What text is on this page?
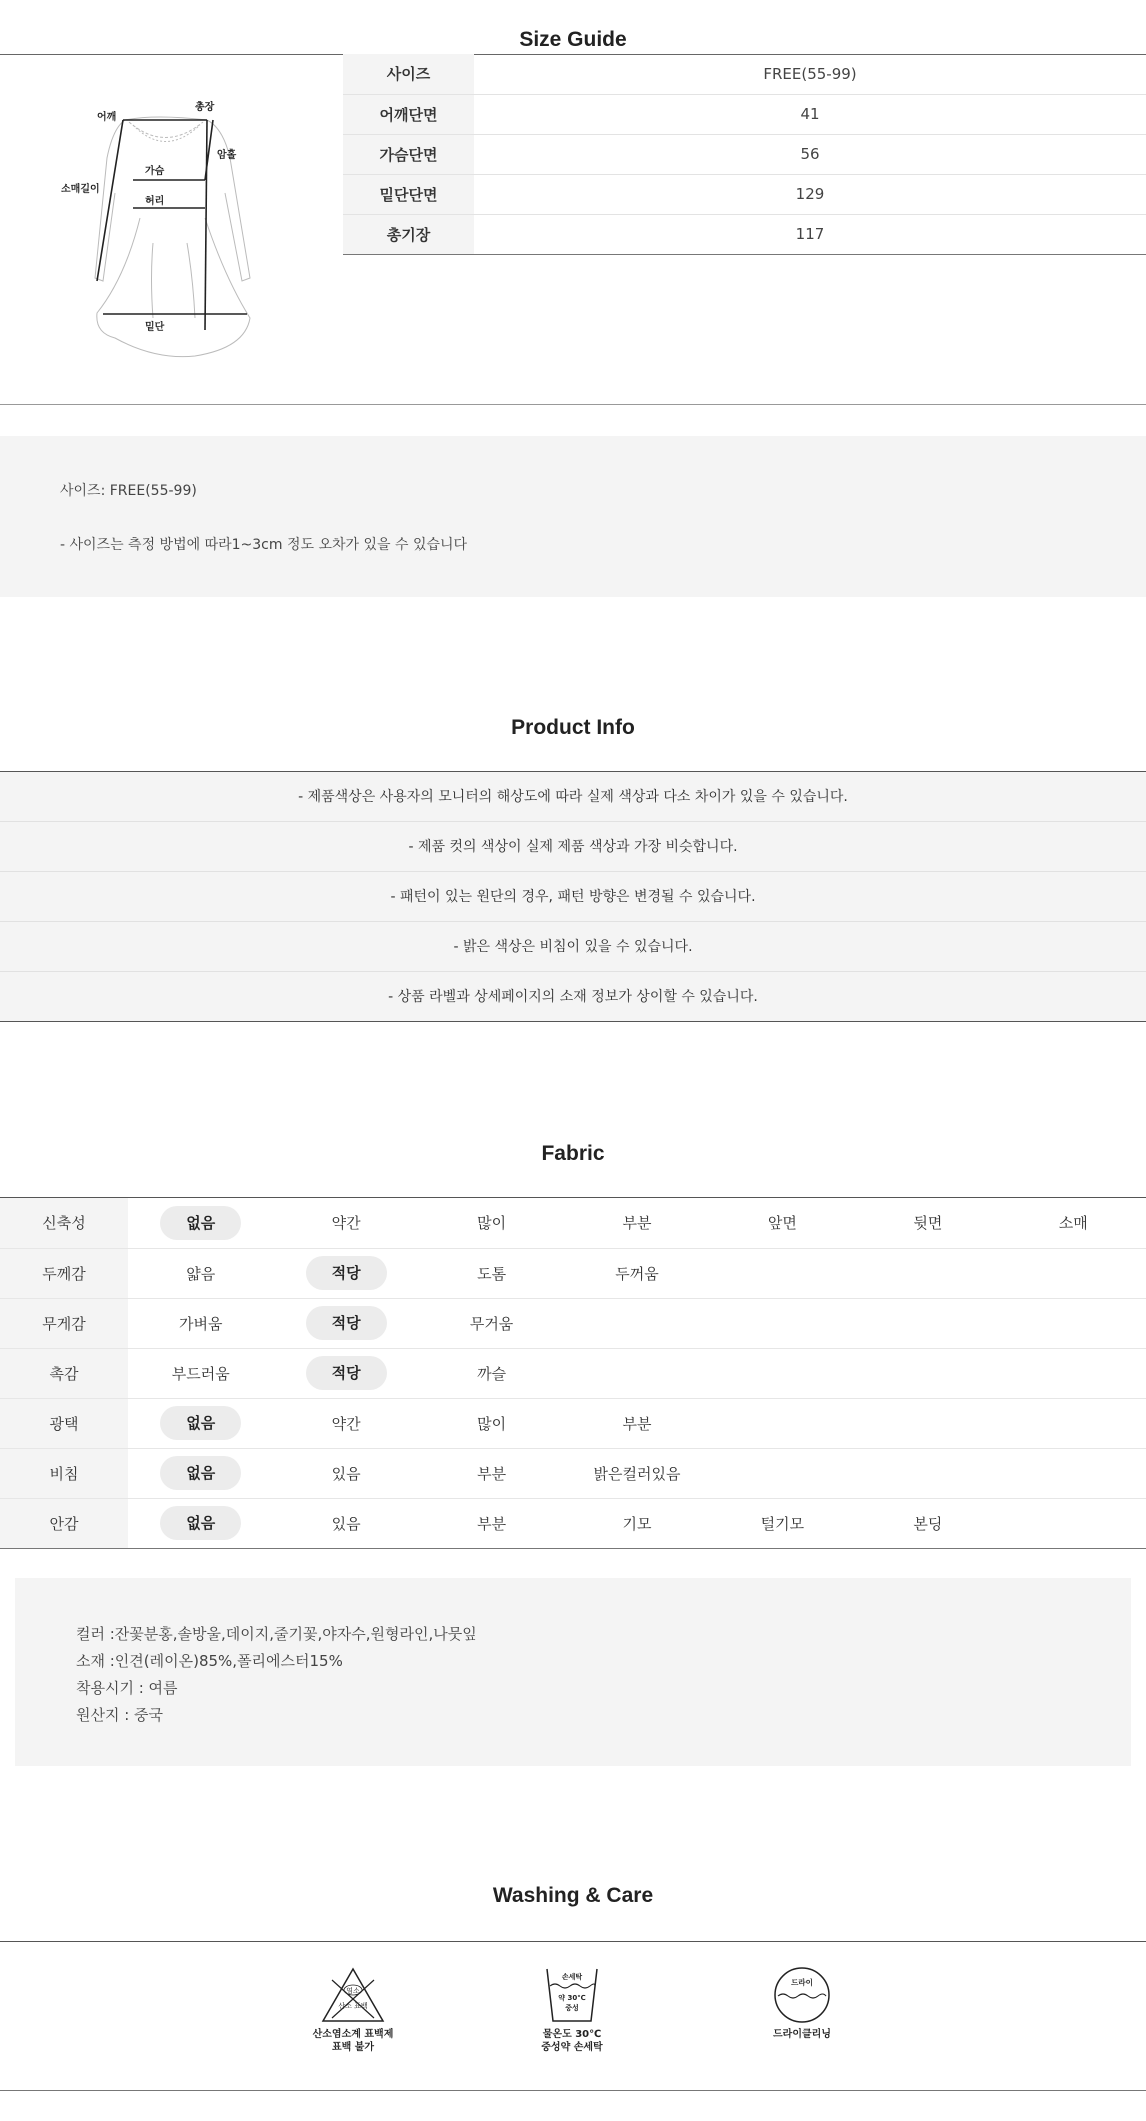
Size Guide
어깨
총장
암홀
가슴
소매길이
허리
밑단
사이즈	FREE(55-99)
어깨단면	41
가슴단면	56
밑단단면	129
총기장	117
사이즈: FREE(55-99)
- 사이즈는 측정 방법에 따라1~3cm 정도 오차가 있을 수 있습니다
Product Info
- 제품색상은 사용자의 모니터의 해상도에 따라 실제 색상과 다소 차이가 있을 수 있습니다.
- 제품 컷의 색상이 실제 제품 색상과 가장 비슷합니다.
- 패턴이 있는 원단의 경우, 패턴 방향은 변경될 수 있습니다.
- 밝은 색상은 비침이 있을 수 있습니다.
- 상품 라벨과 상세페이지의 소재 정보가 상이할 수 있습니다.
Fabric
신축성	없음	약간	많이	부분	앞면	뒷면	소매
두께감	얇음	적당	도톰	두꺼움			
무게감	가벼움	적당	무거움				
촉감	부드러움	적당	까슬				
광택	없음	약간	많이	부분			
비침	없음	있음	부분	밝은컬러있음			
안감	없음	있음	부분	기모	털기모	본딩	
컬러 :잔꽃분홍,솔방울,데이지,줄기꽃,야자수,원형라인,나뭇잎
소재 :인견(레이온)85%,폴리에스터15%
착용시기 : 여름
원산지 : 중국
Washing & Care
염소
산소 표백
산소염소계 표백제
표백 불가
손세탁
약 30℃
중성
물온도 30℃
중성약 손세탁
드라이
드라이클리닝
